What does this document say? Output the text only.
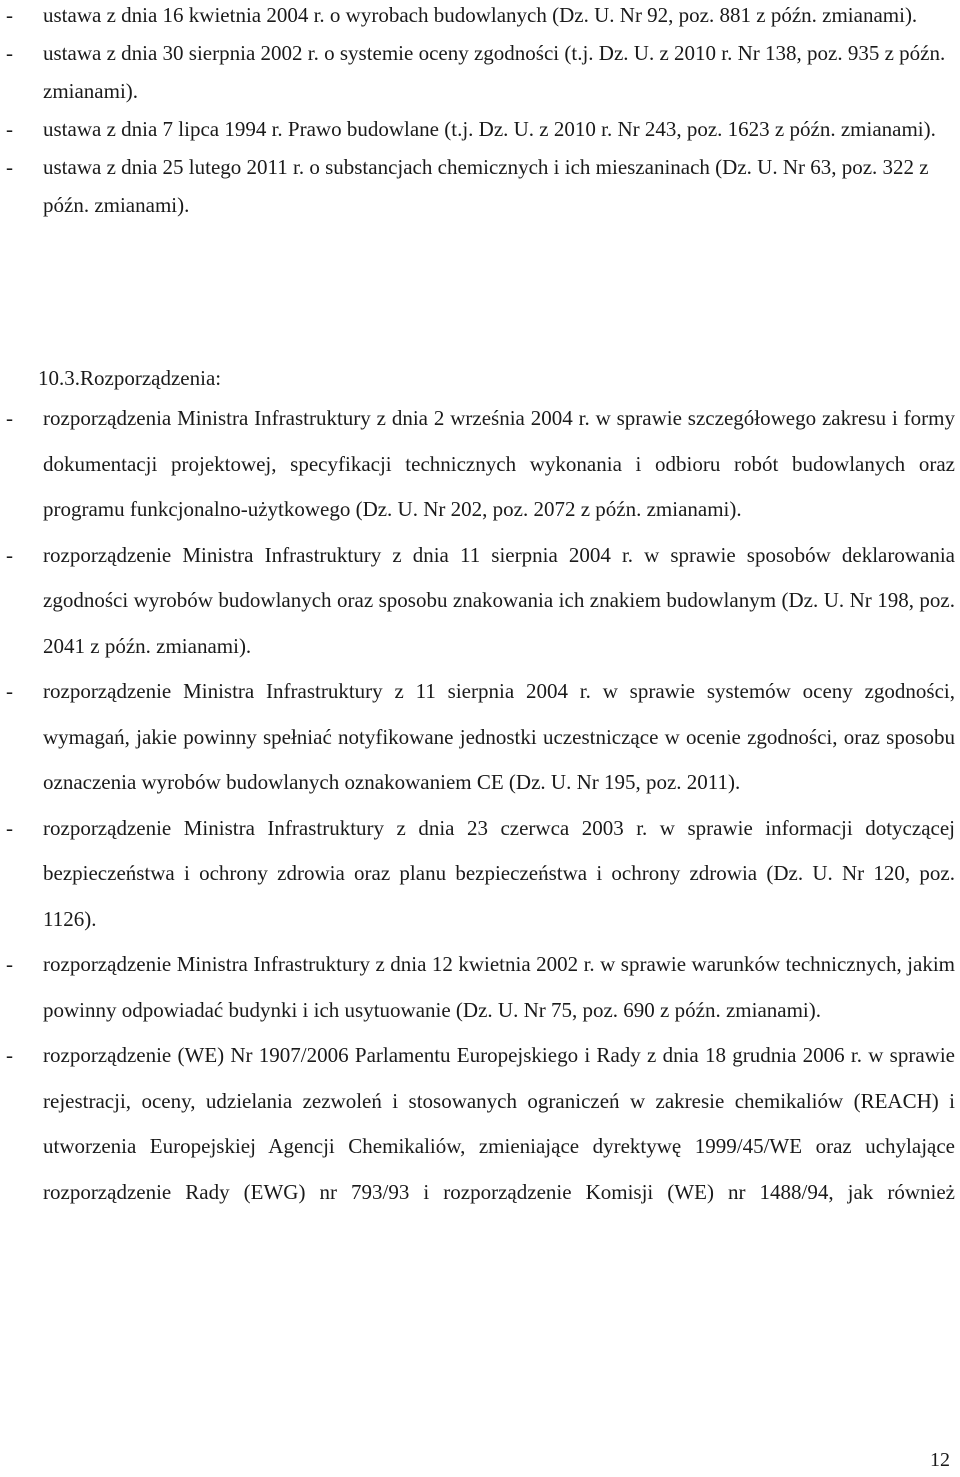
- ustawa z dnia 16 kwietnia 2004 r. o wyrobach budowlanych (Dz. U. Nr 92, poz. 881 z późn. zmianami).

- ustawa z dnia 30 sierpnia 2002 r. o systemie oceny zgodności (t.j. Dz. U. z 2010 r. Nr 138, poz. 935 z późn. zmianami).

- ustawa z dnia 7 lipca 1994 r. Prawo budowlane (t.j. Dz. U. z 2010 r. Nr 243, poz. 1623 z późn. zmianami).

- ustawa z dnia 25 lutego 2011 r. o substancjach chemicznych i ich mieszaninach (Dz. U. Nr 63, poz. 322 z późn. zmianami).

10.3.Rozporządzenia:

- rozporządzenia Ministra Infrastruktury z dnia 2 września 2004 r. w sprawie szczegółowego zakresu i formy dokumentacji projektowej, specyfikacji technicznych wykonania i odbioru robót budowlanych oraz programu funkcjonalno-użytkowego (Dz. U. Nr 202, poz. 2072 z późn. zmianami).

- rozporządzenie Ministra Infrastruktury z dnia 11 sierpnia 2004 r. w sprawie sposobów deklarowania zgodności wyrobów budowlanych oraz sposobu znakowania ich znakiem budowlanym (Dz. U. Nr 198, poz. 2041 z późn. zmianami).

- rozporządzenie Ministra Infrastruktury z 11 sierpnia 2004 r. w sprawie systemów oceny zgodności, wymagań, jakie powinny spełniać notyfikowane jednostki uczestniczące w ocenie zgodności, oraz sposobu oznaczenia wyrobów budowlanych oznakowaniem CE (Dz. U. Nr 195, poz. 2011).

- rozporządzenie Ministra Infrastruktury z dnia 23 czerwca 2003 r. w sprawie informacji dotyczącej bezpieczeństwa i ochrony zdrowia oraz planu bezpieczeństwa i ochrony zdrowia (Dz. U. Nr 120, poz. 1126).

- rozporządzenie Ministra Infrastruktury z dnia 12 kwietnia 2002 r. w sprawie warunków technicznych, jakim powinny odpowiadać budynki i ich usytuowanie (Dz. U. Nr 75, poz. 690 z późn. zmianami).

- rozporządzenie (WE) Nr 1907/2006 Parlamentu Europejskiego i Rady z dnia 18 grudnia 2006 r. w sprawie rejestracji, oceny, udzielania zezwoleń i stosowanych ograniczeń w zakresie chemikaliów (REACH) i utworzenia Europejskiej Agencji Chemikaliów, zmieniające dyrektywę 1999/45/WE oraz uchylające rozporządzenie Rady (EWG) nr 793/93 i rozporządzenie Komisji (WE) nr 1488/94, jak również

12
